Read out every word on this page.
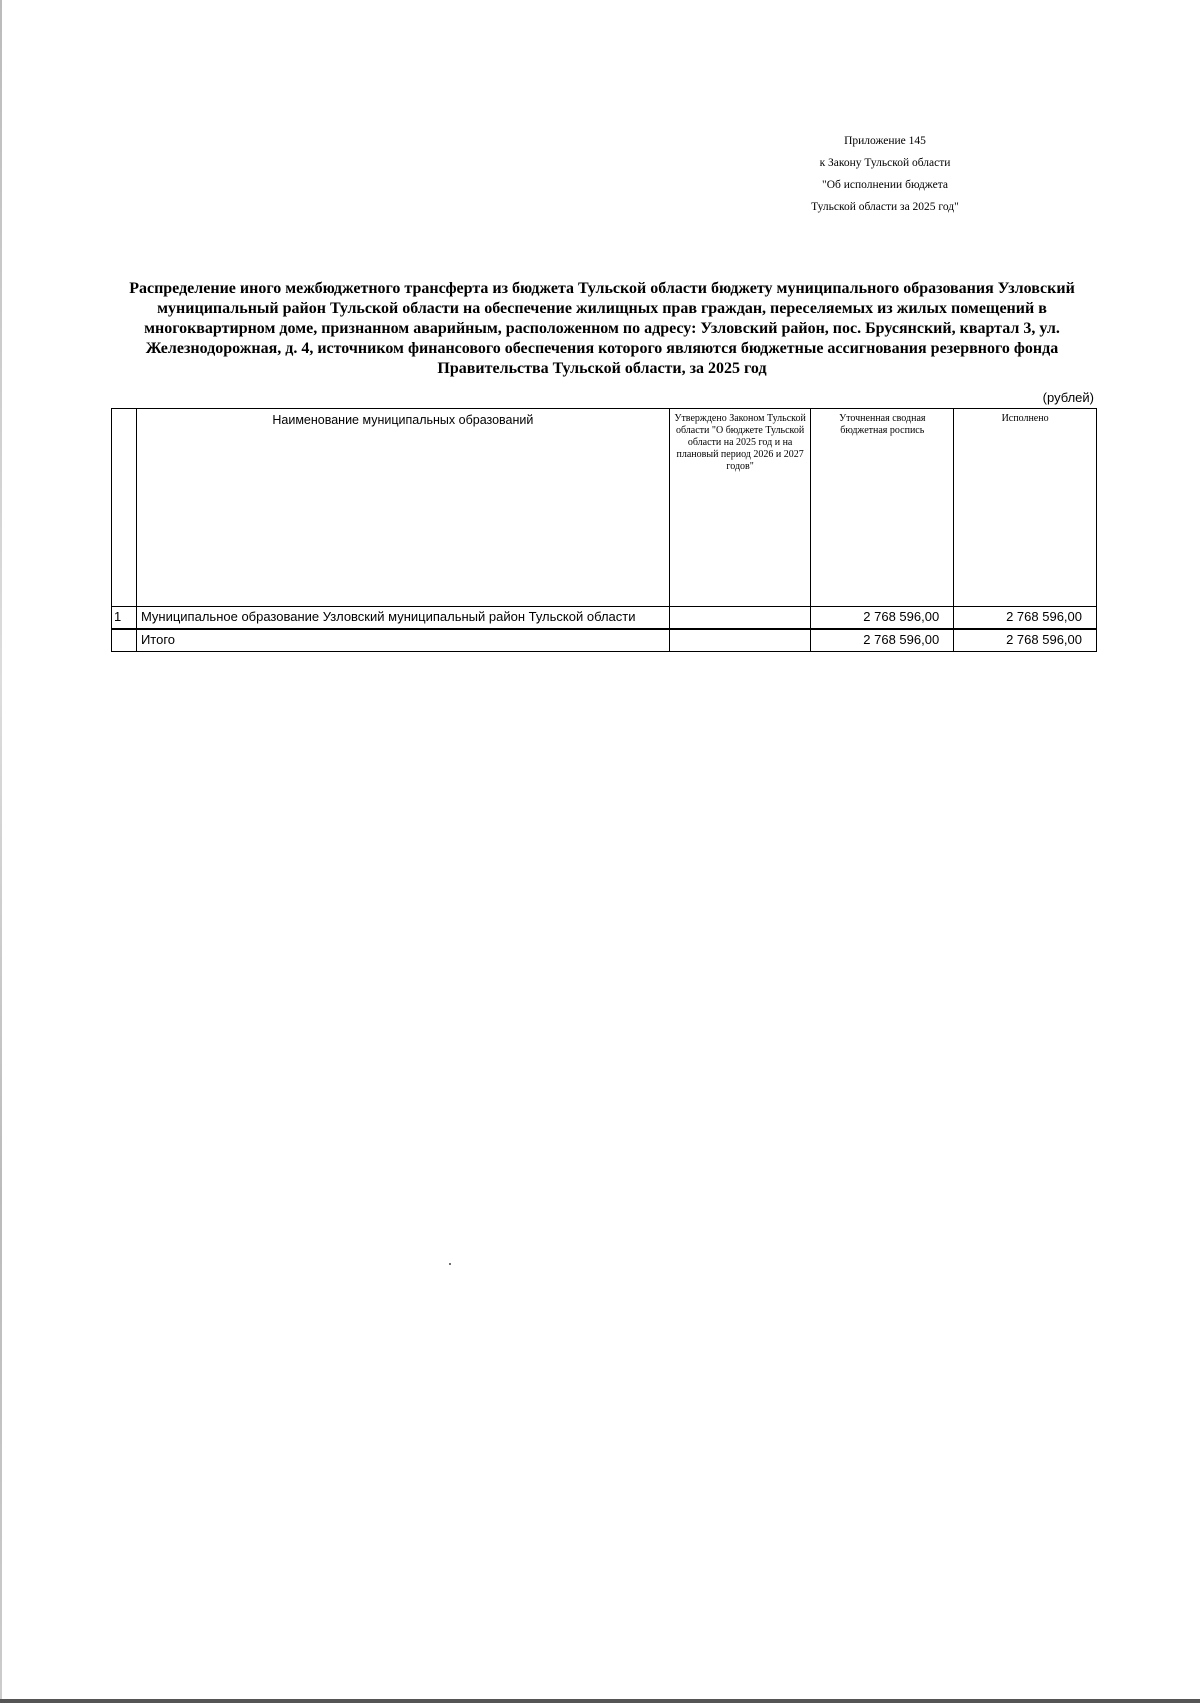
Приложение 145
к Закону Тульской области
"Об исполнении бюджета
Тульской области за 2025 год"
Распределение иного межбюджетного трансферта из бюджета Тульской области бюджету муниципального образования Узловский муниципальный район Тульской области на обеспечение жилищных прав граждан, переселяемых из жилых помещений в многоквартирном доме, признанном аварийным, расположенном по адресу: Узловский район, пос. Брусянский, квартал 3, ул. Железнодорожная, д. 4, источником финансового обеспечения которого являются бюджетные ассигнования резервного фонда Правительства Тульской области, за 2025 год
(рублей)
	Наименование муниципальных образований	Утверждено Законом Тульской области "О бюджете Тульской области на 2025 год и на плановый период 2026 и 2027 годов"	Уточненная сводная бюджетная роспись	Исполнено
1	Муниципальное образование Узловский муниципальный район Тульской области		2 768 596,00	2 768 596,00
	Итого		2 768 596,00	2 768 596,00
